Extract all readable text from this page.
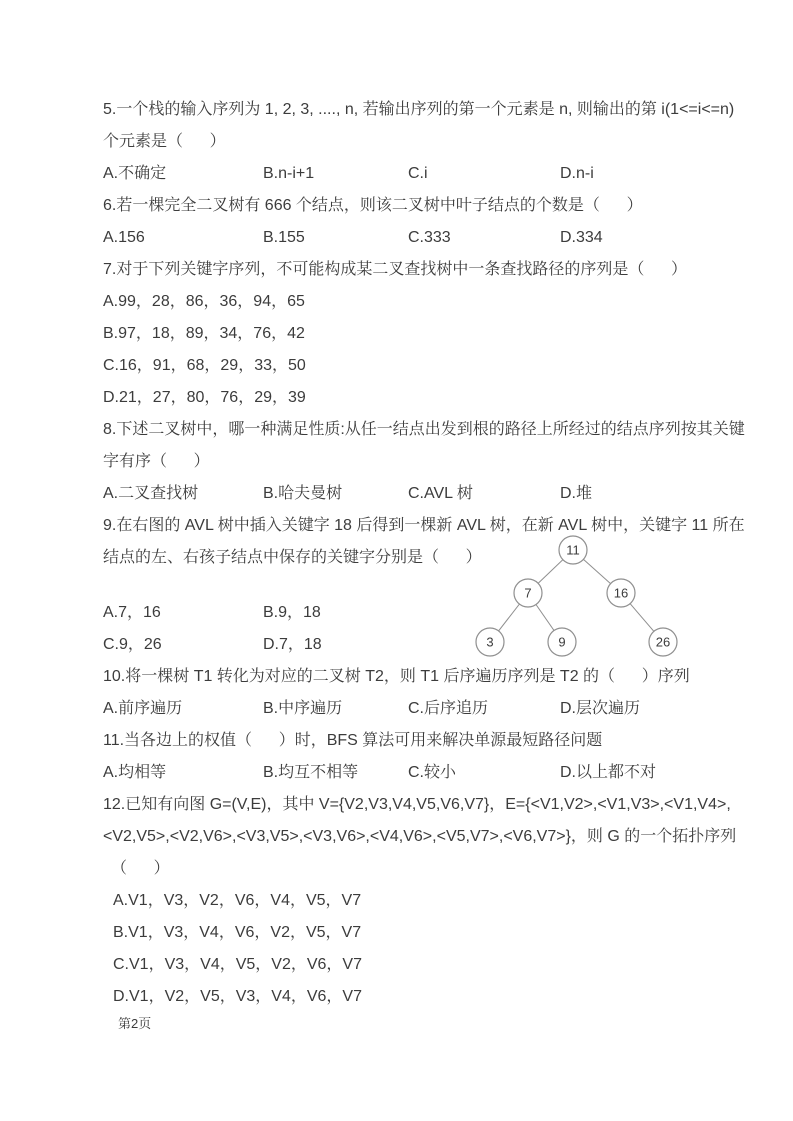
5.一个栈的输入序列为 1, 2, 3, ...., n, 若输出序列的第一个元素是 n, 则输出的第 i(1<=i<=n)
个元素是（      ）
A.不确定	B.n-i+1	C.i	D.n-i
6.若一棵完全二叉树有 666 个结点，则该二叉树中叶子结点的个数是（      ）
A.156	B.155	C.333	D.334
7.对于下列关键字序列，不可能构成某二叉查找树中一条查找路径的序列是（      ）
A.99，28，86，36，94，65
B.97，18，89，34，76，42
C.16，91，68，29，33，50
D.21，27，80，76，29，39
8.下述二叉树中，哪一种满足性质:从任一结点出发到根的路径上所经过的结点序列按其关键
字有序（      ）
A.二叉查找树	B.哈夫曼树	C.AVL 树	D.堆
9.在右图的 AVL 树中插入关键字 18 后得到一棵新 AVL 树，在新 AVL 树中，关键字 11 所在
结点的左、右孩子结点中保存的关键字分别是（      ）
A.7，16	B.9，18
C.9，26	D.7，18
10.将一棵树 T1 转化为对应的二叉树 T2，则 T1 后序遍历序列是 T2 的（      ）序列
A.前序遍历	B.中序遍历	C.后序追历	D.层次遍历
11.当各边上的权值（      ）时，BFS 算法可用来解决单源最短路径问题
A.均相等	B.均互不相等	C.较小	D.以上都不对
12.已知有向图 G=(V,E)，其中 V={V2,V3,V4,V5,V6,V7}，E={<V1,V2>,<V1,V3>,<V1,V4>,
<V2,V5>,<V2,V6>,<V3,V5>,<V3,V6>,<V4,V6>,<V5,V7>,<V6,V7>}，则 G 的一个拓扑序列
　（      ）
A.V1，V3，V2，V6，V4，V5，V7
B.V1，V3，V4，V6，V2，V5，V7
C.V1，V3，V4，V5，V2，V6，V7
D.V1，V2，V5，V3，V4，V6，V7
11
7	16
3	9	26
第2页
